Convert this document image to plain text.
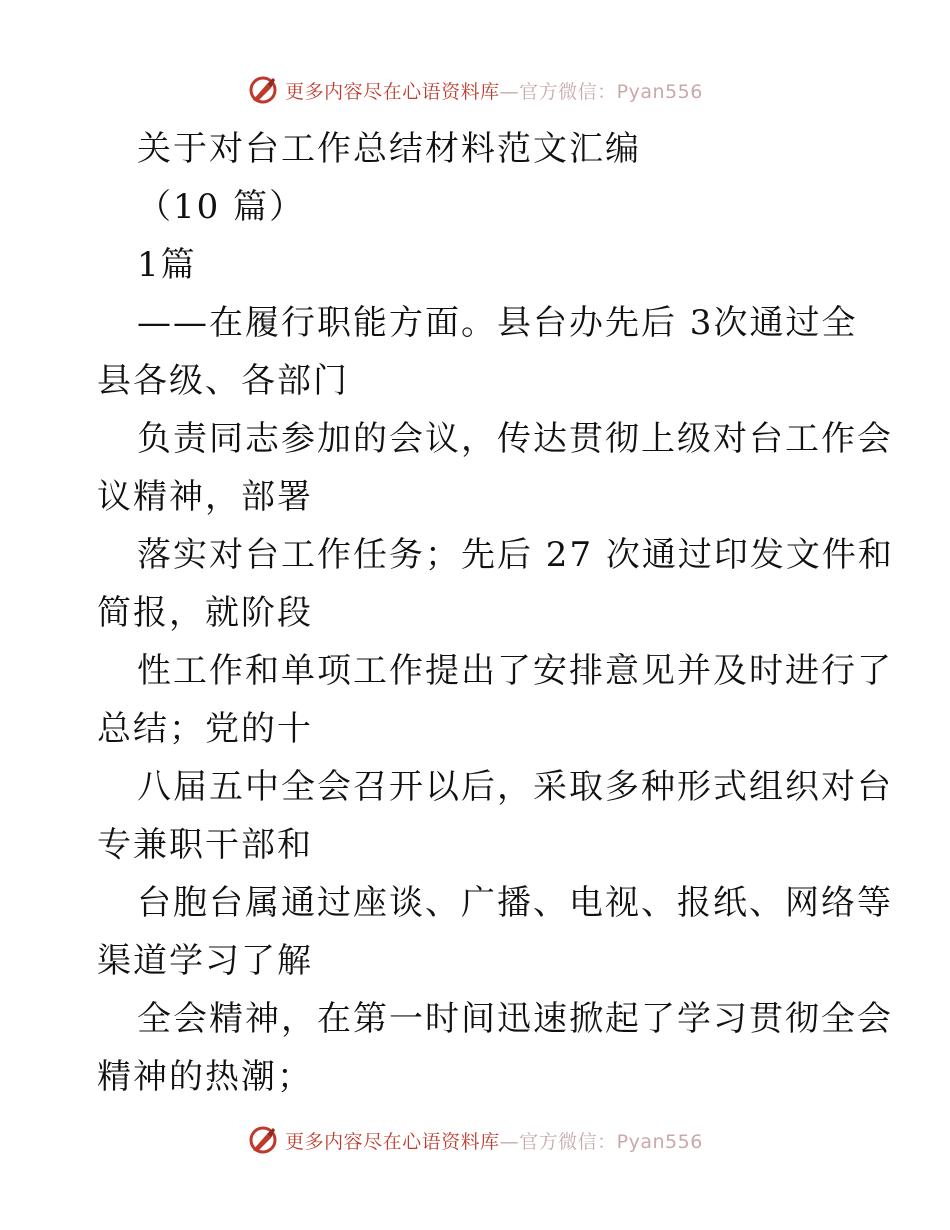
更多内容尽在心语资料库—官方微信：Pyan556
关于对台工作总结材料范文汇编
（10 篇）
1篇
——在履行职能方面。县台办先后 3次通过全
县各级、各部门
负责同志参加的会议，传达贯彻上级对台工作会
议精神，部署
落实对台工作任务；先后 27 次通过印发文件和
简报，就阶段
性工作和单项工作提出了安排意见并及时进行了
总结；党的十
八届五中全会召开以后，采取多种形式组织对台
专兼职干部和
台胞台属通过座谈、广播、电视、报纸、网络等
渠道学习了解
全会精神，在第一时间迅速掀起了学习贯彻全会
精神的热潮；
更多内容尽在心语资料库—官方微信：Pyan556
